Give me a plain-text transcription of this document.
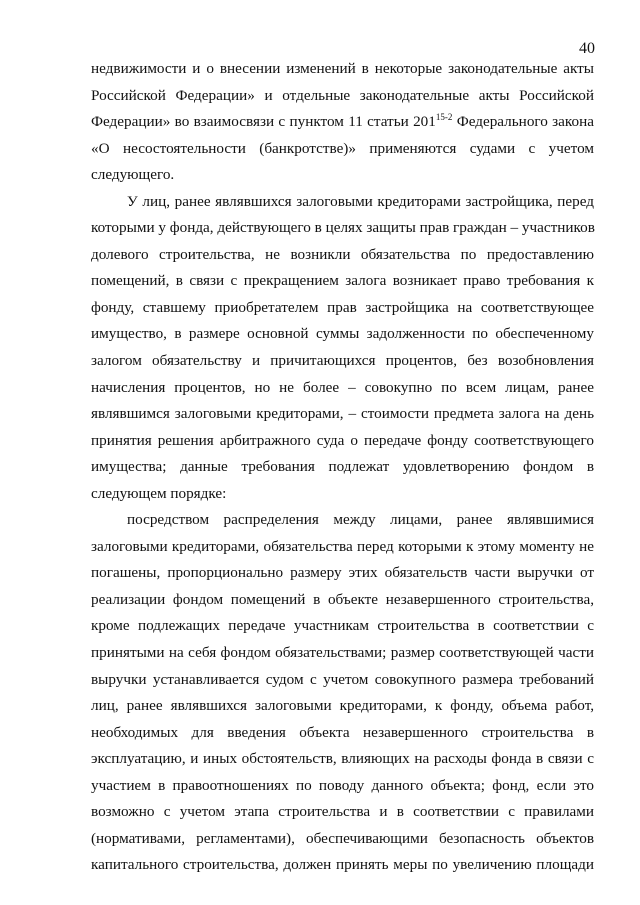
40
недвижимости и о внесении изменений в некоторые законодательные акты
Российской Федерации» и отдельные законодательные акты Российской
Федерации» во взаимосвязи с пунктом 11 статьи 201$^{15-2}$ Федерального закона
«О несостоятельности (банкротстве)» применяются судами с учетом
следующего.
У лиц, ранее являвшихся залоговыми кредиторами застройщика, перед
которыми у фонда, действующего в целях защиты прав граждан – участников
долевого строительства, не возникли обязательства по предоставлению
помещений, в связи с прекращением залога возникает право требования к
фонду, ставшему приобретателем прав застройщика на соответствующее
имущество, в размере основной суммы задолженности по обеспеченному
залогом обязательству и причитающихся процентов, без возобновления
начисления процентов, но не более – совокупно по всем лицам, ранее
являвшимся залоговыми кредиторами, – стоимости предмета залога на день
принятия решения арбитражного суда о передаче фонду соответствующего
имущества; данные требования подлежат удовлетворению фондом в
следующем порядке:
посредством распределения между лицами, ранее являвшимися
залоговыми кредиторами, обязательства перед которыми к этому моменту не
погашены, пропорционально размеру этих обязательств части выручки от
реализации фондом помещений в объекте незавершенного строительства,
кроме подлежащих передаче участникам строительства в соответствии с
принятыми на себя фондом обязательствами; размер соответствующей части
выручки устанавливается судом с учетом совокупного размера требований
лиц, ранее являвшихся залоговыми кредиторами, к фонду, объема работ,
необходимых для введения объекта незавершенного строительства в
эксплуатацию, и иных обстоятельств, влияющих на расходы фонда в связи с
участием в правоотношениях по поводу данного объекта; фонд, если это
возможно с учетом этапа строительства и в соответствии с правилами
(нормативами, регламентами), обеспечивающими безопасность объектов
капитального строительства, должен принять меры по увеличению площади
